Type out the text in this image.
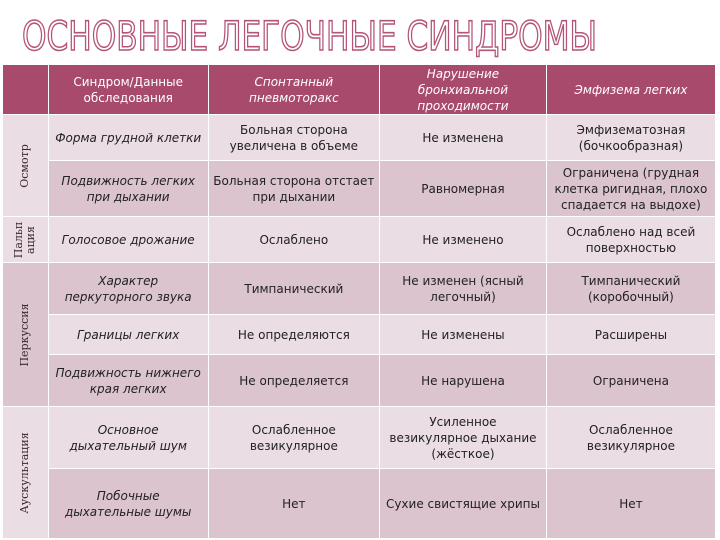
ОСНОВНЫЕ ЛЕГОЧНЫЕ СИНДРОМЫ
	Синдром/Данные обследования	Спонтанный пневмоторакс	Нарушение бронхиальной проходимости	Эмфизема легких

Осмотр	Форма грудной клетки	Больная сторона увеличена в объеме	Не изменена	Эмфизематозная (бочкообразная)
	Подвижность легких при дыхании	Больная сторона отстает при дыхании	Равномерная	Ограничена (грудная клетка ригидная, плохо спадается на выдохе)

Пальп ация	Голосовое дрожание	Ослаблено	Не изменено	Ослаблено над всей поверхностью

Перкуссия	Характер перкуторного звука	Тимпанический	Не изменен (ясный легочный)	Тимпанический (коробочный)
	Границы легких	Не определяются	Не изменены	Расширены
	Подвижность нижнего края легких	Не определяется	Не нарушена	Ограничена

Аускультация	Основное дыхательный шум	Ослабленное везикулярное	Усиленное везикулярное дыхание (жёсткое)	Ослабленное везикулярное
	Побочные дыхательные шумы	Нет	Сухие свистящие хрипы	Нет
